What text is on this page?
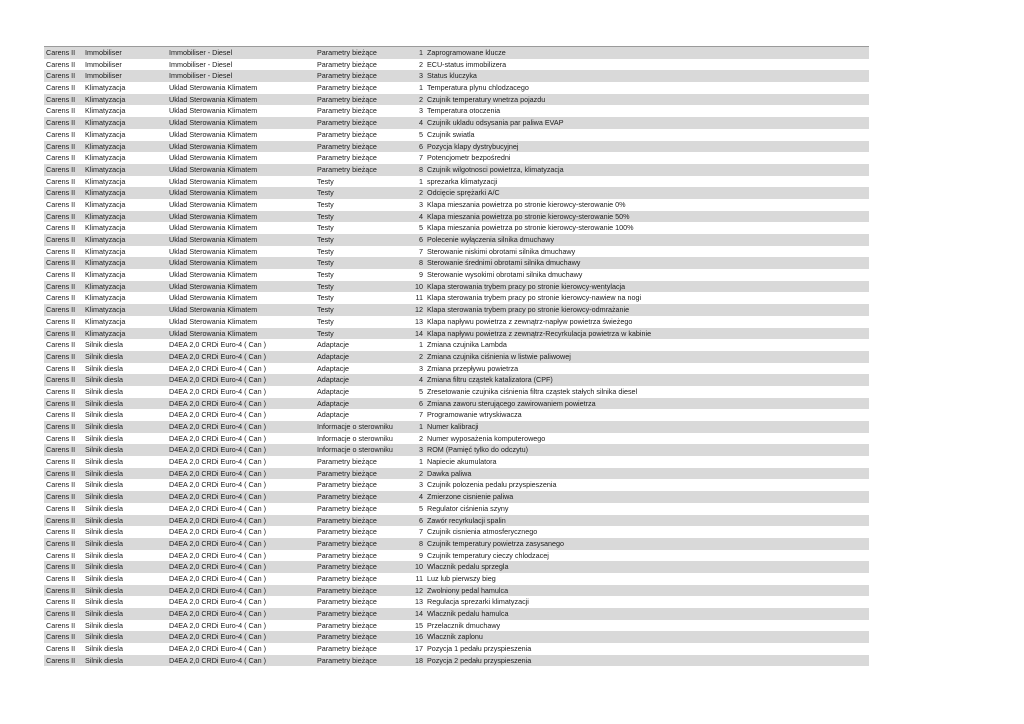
Carens II	Immobiliser	Immobiliser - Diesel	Parametry bieżące	1 Zaprogramowane klucze
Carens II	Immobiliser	Immobiliser - Diesel	Parametry bieżące	2 ECU-status immobilizera
Carens II	Immobiliser	Immobiliser - Diesel	Parametry bieżące	3 Status kluczyka
Carens II	Klimatyzacja	Uklad Sterowania Klimatem	Parametry bieżące	1 Temperatura plynu chlodzacego
Carens II	Klimatyzacja	Uklad Sterowania Klimatem	Parametry bieżące	2 Czujnik temperatury wnetrza pojazdu
Carens II	Klimatyzacja	Uklad Sterowania Klimatem	Parametry bieżące	3 Temperatura otoczenia
Carens II	Klimatyzacja	Uklad Sterowania Klimatem	Parametry bieżące	4 Czujnik ukladu odsysania par paliwa EVAP
Carens II	Klimatyzacja	Uklad Sterowania Klimatem	Parametry bieżące	5 Czujnik swiatla
Carens II	Klimatyzacja	Uklad Sterowania Klimatem	Parametry bieżące	6 Pozycja klapy dystrybucyjnej
Carens II	Klimatyzacja	Uklad Sterowania Klimatem	Parametry bieżące	7 Potencjometr bezpośredni
Carens II	Klimatyzacja	Uklad Sterowania Klimatem	Parametry bieżące	8 Czujnik wilgotnosci powietrza, klimatyzacja
Carens II	Klimatyzacja	Uklad Sterowania Klimatem	Testy	1 sprezarka klimatyzacji
Carens II	Klimatyzacja	Uklad Sterowania Klimatem	Testy	2 Odcięcie sprężarki A/C
Carens II	Klimatyzacja	Uklad Sterowania Klimatem	Testy	3 Klapa mieszania powietrza po stronie kierowcy-sterowanie 0%
Carens II	Klimatyzacja	Uklad Sterowania Klimatem	Testy	4 Klapa mieszania powietrza po stronie kierowcy-sterowanie 50%
Carens II	Klimatyzacja	Uklad Sterowania Klimatem	Testy	5 Klapa mieszania powietrza po stronie kierowcy-sterowanie 100%
Carens II	Klimatyzacja	Uklad Sterowania Klimatem	Testy	6 Polecenie wyłączenia silnika dmuchawy
Carens II	Klimatyzacja	Uklad Sterowania Klimatem	Testy	7 Sterowanie niskimi obrotami silnika dmuchawy
Carens II	Klimatyzacja	Uklad Sterowania Klimatem	Testy	8 Sterowanie średnimi obrotami silnika dmuchawy
Carens II	Klimatyzacja	Uklad Sterowania Klimatem	Testy	9 Sterowanie wysokimi obrotami silnika dmuchawy
Carens II	Klimatyzacja	Uklad Sterowania Klimatem	Testy	10 Klapa sterowania trybem pracy po stronie kierowcy-wentylacja
Carens II	Klimatyzacja	Uklad Sterowania Klimatem	Testy	11 Klapa sterowania trybem pracy po stronie kierowcy-nawiew na nogi
Carens II	Klimatyzacja	Uklad Sterowania Klimatem	Testy	12 Klapa sterowania trybem pracy po stronie kierowcy-odmrażanie
Carens II	Klimatyzacja	Uklad Sterowania Klimatem	Testy	13 Klapa napływu powietrza z zewnątrz-napływ powietrza świeżego
Carens II	Klimatyzacja	Uklad Sterowania Klimatem	Testy	14 Klapa napływu powietrza z zewnątrz-Recyrkulacja powietrza w kabinie
Carens II	Silnik diesla	D4EA 2,0 CRDi Euro-4 ( Can )	Adaptacje	1 Zmiana czujnika Lambda
Carens II	Silnik diesla	D4EA 2,0 CRDi Euro-4 ( Can )	Adaptacje	2 Zmiana czujnika ciśnienia w listwie paliwowej
Carens II	Silnik diesla	D4EA 2,0 CRDi Euro-4 ( Can )	Adaptacje	3 Zmiana przepływu powietrza
Carens II	Silnik diesla	D4EA 2,0 CRDi Euro-4 ( Can )	Adaptacje	4 Zmiana filtru cząstek katalizatora (CPF)
Carens II	Silnik diesla	D4EA 2,0 CRDi Euro-4 ( Can )	Adaptacje	5 Zresetowanie czujnika ciśnienia filtra cząstek stałych silnika diesel
Carens II	Silnik diesla	D4EA 2,0 CRDi Euro-4 ( Can )	Adaptacje	6 Zmiana zaworu sterującego zawirowaniem powietrza
Carens II	Silnik diesla	D4EA 2,0 CRDi Euro-4 ( Can )	Adaptacje	7 Programowanie wtryskiwacza
Carens II	Silnik diesla	D4EA 2,0 CRDi Euro-4 ( Can )	Informacje o sterowniku	1 Numer kalibracji
Carens II	Silnik diesla	D4EA 2,0 CRDi Euro-4 ( Can )	Informacje o sterowniku	2 Numer wyposażenia komputerowego
Carens II	Silnik diesla	D4EA 2,0 CRDi Euro-4 ( Can )	Informacje o sterowniku	3 ROM (Pamięć tylko do odczytu)
Carens II	Silnik diesla	D4EA 2,0 CRDi Euro-4 ( Can )	Parametry bieżące	1 Napiecie akumulatora
Carens II	Silnik diesla	D4EA 2,0 CRDi Euro-4 ( Can )	Parametry bieżące	2 Dawka paliwa
Carens II	Silnik diesla	D4EA 2,0 CRDi Euro-4 ( Can )	Parametry bieżące	3 Czujnik polozenia pedalu przyspieszenia
Carens II	Silnik diesla	D4EA 2,0 CRDi Euro-4 ( Can )	Parametry bieżące	4 Zmierzone cisnienie paliwa
Carens II	Silnik diesla	D4EA 2,0 CRDi Euro-4 ( Can )	Parametry bieżące	5 Regulator ciśnienia szyny
Carens II	Silnik diesla	D4EA 2,0 CRDi Euro-4 ( Can )	Parametry bieżące	6 Zawór recyrkulacji spalin
Carens II	Silnik diesla	D4EA 2,0 CRDi Euro-4 ( Can )	Parametry bieżące	7 Czujnik cisnienia atmosferycznego
Carens II	Silnik diesla	D4EA 2,0 CRDi Euro-4 ( Can )	Parametry bieżące	8 Czujnik temperatury powietrza zasysanego
Carens II	Silnik diesla	D4EA 2,0 CRDi Euro-4 ( Can )	Parametry bieżące	9 Czujnik temperatury cieczy chlodzacej
Carens II	Silnik diesla	D4EA 2,0 CRDi Euro-4 ( Can )	Parametry bieżące	10 Wlacznik pedalu sprzegla
Carens II	Silnik diesla	D4EA 2,0 CRDi Euro-4 ( Can )	Parametry bieżące	11 Luz lub pierwszy bieg
Carens II	Silnik diesla	D4EA 2,0 CRDi Euro-4 ( Can )	Parametry bieżące	12 Zwolniony pedal hamulca
Carens II	Silnik diesla	D4EA 2,0 CRDi Euro-4 ( Can )	Parametry bieżące	13 Regulacja sprezarki klimatyzacji
Carens II	Silnik diesla	D4EA 2,0 CRDi Euro-4 ( Can )	Parametry bieżące	14 Wlacznik pedalu hamulca
Carens II	Silnik diesla	D4EA 2,0 CRDi Euro-4 ( Can )	Parametry bieżące	15 Przelacznik dmuchawy
Carens II	Silnik diesla	D4EA 2,0 CRDi Euro-4 ( Can )	Parametry bieżące	16 Wlacznik zaplonu
Carens II	Silnik diesla	D4EA 2,0 CRDi Euro-4 ( Can )	Parametry bieżące	17 Pozycja 1 pedału przyspieszenia
Carens II	Silnik diesla	D4EA 2,0 CRDi Euro-4 ( Can )	Parametry bieżące	18 Pozycja 2 pedału przyspieszenia
